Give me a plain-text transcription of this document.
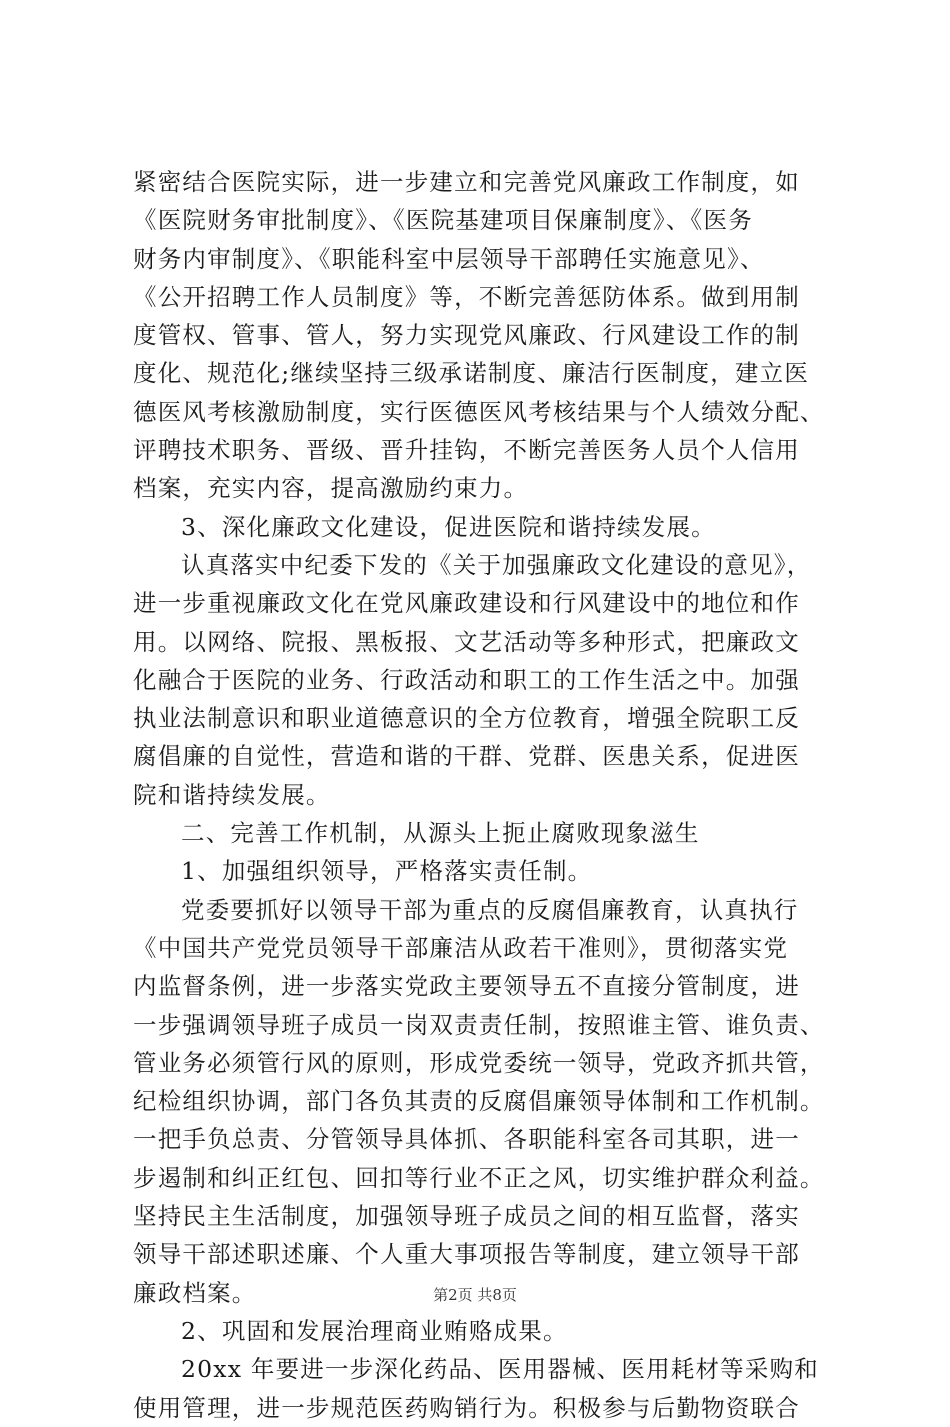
紧密结合医院实际，进一步建立和完善党风廉政工作制度，如
《医院财务审批制度》、《医院基建项目保廉制度》、《医务
财务内审制度》、《职能科室中层领导干部聘任实施意见》、
《公开招聘工作人员制度》等，不断完善惩防体系。做到用制
度管权、管事、管人，努力实现党风廉政、行风建设工作的制
度化、规范化;继续坚持三级承诺制度、廉洁行医制度，建立医
德医风考核激励制度，实行医德医风考核结果与个人绩效分配、
评聘技术职务、晋级、晋升挂钩，不断完善医务人员个人信用
档案，充实内容，提高激励约束力。
3、深化廉政文化建设，促进医院和谐持续发展。
认真落实中纪委下发的《关于加强廉政文化建设的意见》，
进一步重视廉政文化在党风廉政建设和行风建设中的地位和作
用。以网络、院报、黑板报、文艺活动等多种形式，把廉政文
化融合于医院的业务、行政活动和职工的工作生活之中。加强
执业法制意识和职业道德意识的全方位教育，增强全院职工反
腐倡廉的自觉性，营造和谐的干群、党群、医患关系，促进医
院和谐持续发展。
二、完善工作机制，从源头上扼止腐败现象滋生
1、加强组织领导，严格落实责任制。
党委要抓好以领导干部为重点的反腐倡廉教育，认真执行
《中国共产党党员领导干部廉洁从政若干准则》，贯彻落实党
内监督条例，进一步落实党政主要领导五不直接分管制度，进
一步强调领导班子成员一岗双责责任制，按照谁主管、谁负责、
管业务必须管行风的原则，形成党委统一领导，党政齐抓共管，
纪检组织协调，部门各负其责的反腐倡廉领导体制和工作机制。
一把手负总责、分管领导具体抓、各职能科室各司其职，进一
步遏制和纠正红包、回扣等行业不正之风，切实维护群众利益。
坚持民主生活制度，加强领导班子成员之间的相互监督，落实
领导干部述职述廉、个人重大事项报告等制度，建立领导干部
廉政档案。
2、巩固和发展治理商业贿赂成果。
20xx 年要进一步深化药品、医用器械、医用耗材等采购和
使用管理，进一步规范医药购销行为。积极参与后勤物资联合
第2页 共8页
